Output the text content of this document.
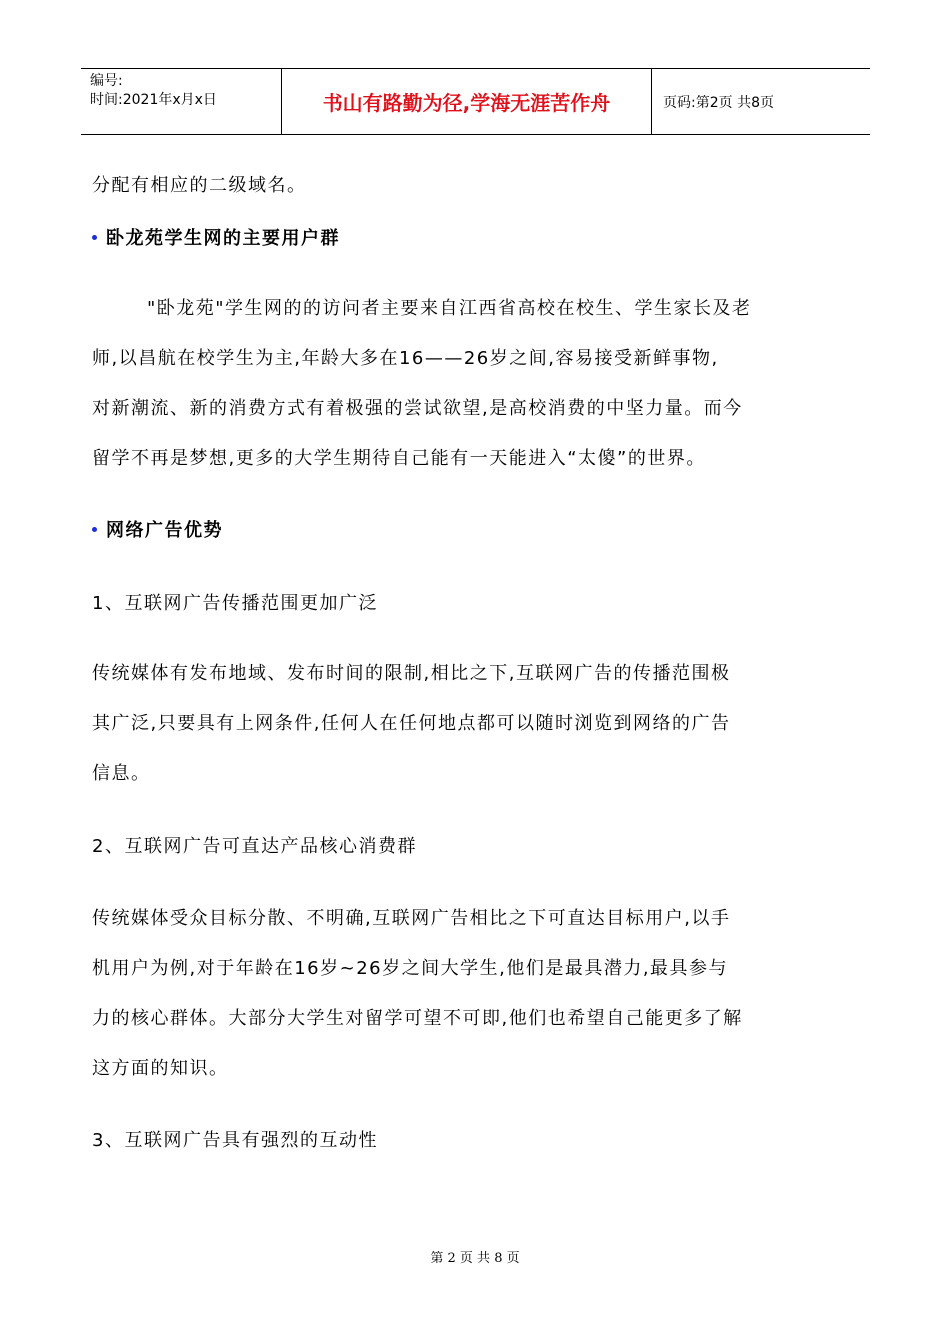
编号:
时间:2021年x月x日	书山有路勤为径,学海无涯苦作舟	页码:第2页 共8页
分配有相应的二级域名。
卧龙苑学生网的主要用户群
"卧龙苑"学生网的的访问者主要来自江西省高校在校生、学生家长及老
师,以昌航在校学生为主,年龄大多在16——26岁之间,容易接受新鲜事物,
对新潮流、新的消费方式有着极强的尝试欲望,是高校消费的中坚力量。而今
留学不再是梦想,更多的大学生期待自己能有一天能进入“太傻”的世界。
网络广告优势
1、互联网广告传播范围更加广泛
传统媒体有发布地域、发布时间的限制,相比之下,互联网广告的传播范围极
其广泛,只要具有上网条件,任何人在任何地点都可以随时浏览到网络的广告
信息。
2、互联网广告可直达产品核心消费群
传统媒体受众目标分散、不明确,互联网广告相比之下可直达目标用户,以手
机用户为例,对于年龄在16岁~26岁之间大学生,他们是最具潜力,最具参与
力的核心群体。大部分大学生对留学可望不可即,他们也希望自己能更多了解
这方面的知识。
3、互联网广告具有强烈的互动性
第 2 页 共 8 页
